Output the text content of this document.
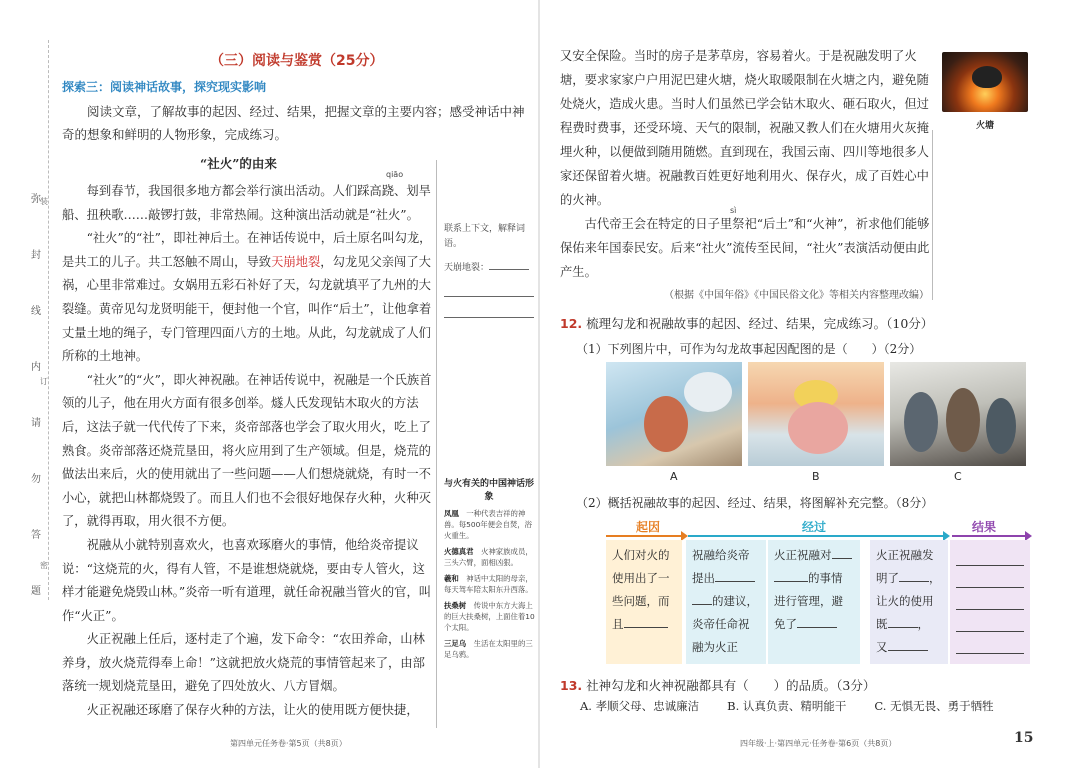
弥
封
线
内
请
勿
答
题
装
订
密
（三）阅读与鉴赏（25分）
探索三：阅读神话故事，探究现实影响

阅读文章，了解故事的起因、经过、结果，把握文章的主要内容；感受神话中神奇的想象和鲜明的人物形象，完成练习。

“社火”的由来
qiāo

每到春节，我国很多地方都会举行演出活动。人们踩高跷、划旱船、扭秧歌……敲锣打鼓，非常热闹。这种演出活动就是“社火”。

“社火”的“社”，即社神后土。在神话传说中，后土原名叫勾龙，是共工的儿子。共工怒触不周山，导致天崩地裂，勾龙见父亲闯了大祸，心里非常难过。女娲用五彩石补好了天，勾龙就填平了九州的大裂缝。黄帝见勾龙贤明能干，便封他一个官，叫作“后土”，让他拿着丈量土地的绳子，专门管理四面八方的土地。从此，勾龙就成了人们所称的土地神。

“社火”的“火”，即火神祝融。在神话传说中，祝融是一个氏族首领的儿子，他在用火方面有很多创举。燧人氏发现钻木取火的方法后，这法子就一代代传了下来，炎帝部落也学会了取火用火，吃上了熟食。炎帝部落还烧荒垦田，将火应用到了生产领域。但是，烧荒的做法出来后，火的使用就出了一些问题——人们想烧就烧，有时一不小心，就把山林都烧毁了。而且人们也不会很好地保存火种，火种灭了，就得再取，用火很不方便。

祝融从小就特别喜欢火，也喜欢琢磨火的事情，他给炎帝提议说：“这烧荒的火，得有人管，不是谁想烧就烧，要由专人管火，这样才能避免烧毁山林。”炎帝一听有道理，就任命祝融当管火的官，叫作“火正”。

火正祝融上任后，逐村走了个遍，发下命令：“农田养命，山林养身，放火烧荒得奉上命！”这就把放火烧荒的事情管起来了，由部落统一规划烧荒垦田，避免了四处放火、八方冒烟。

火正祝融还琢磨了保存火种的方法，让火的使用既方便快捷，

联系上下文，解释词语。
天崩地裂：
与火有关的中国神话形象
凤凰　 一种代表吉祥的神兽。每500年便会自焚，浴火重生。
火德真君　 火神家族成员，三头六臂，面相凶狠。
羲和　 神话中太阳的母亲，每天驾车陪太阳东升西落。
扶桑树　 传说中东方大海上的巨大扶桑树，上面住着10个太阳。
三足乌　 生活在太阳里的三足乌鸦。
第四单元任务卷·第5页（共8页）

又安全保险。当时的房子是茅草房，容易着火。于是祝融发明了火塘，要求家家户户用泥巴建火塘，烧火取暖限制在火塘之内，避免随处烧火，造成火患。当时人们虽然已学会钻木取火、砸石取火，但过程费时费事，还受环境、天气的限制，祝融又教人们在火塘用火灰掩埋火种，以便做到随用随燃。直到现在，我国云南、四川等地很多人家还保留着火塘。祝融教百姓更好地利用火、保存火，成了百姓心中的火神。

古代帝王会在特定的日子里祭祀“后土”和“火神”，祈求他们能够保佑来年国泰民安。后来“社火”流传至民间，“社火”表演活动便由此产生。

sì
火塘
（根据《中国年俗》《中国民俗文化》等相关内容整理改编）
12. 梳理勾龙和祝融故事的起因、经过、结果，完成练习。（10分）
（1）下列图片中，可作为勾龙故事起因配图的是（　　）（2分）
A	B	C
（2）概括祝融故事的起因、经过、结果，将图解补充完整。（8分）
起因	经过	结果
人们对火的
使用出了一
些问题，而
且
祝融给炎帝
提出
的建议，
炎帝任命祝
融为火正
火正祝融对
的事情
进行管理，避
免了
火正祝融发
明了	，
让火的使用
既	，
又
13. 社神勾龙和火神祝融都具有（　　）的品质。（3分）
A. 孝顺父母、忠诚廉洁 B. 认真负责、精明能干 C. 无惧无畏、勇于牺牲
四年级·上·第四单元·任务卷·第6页（共8页）	15
